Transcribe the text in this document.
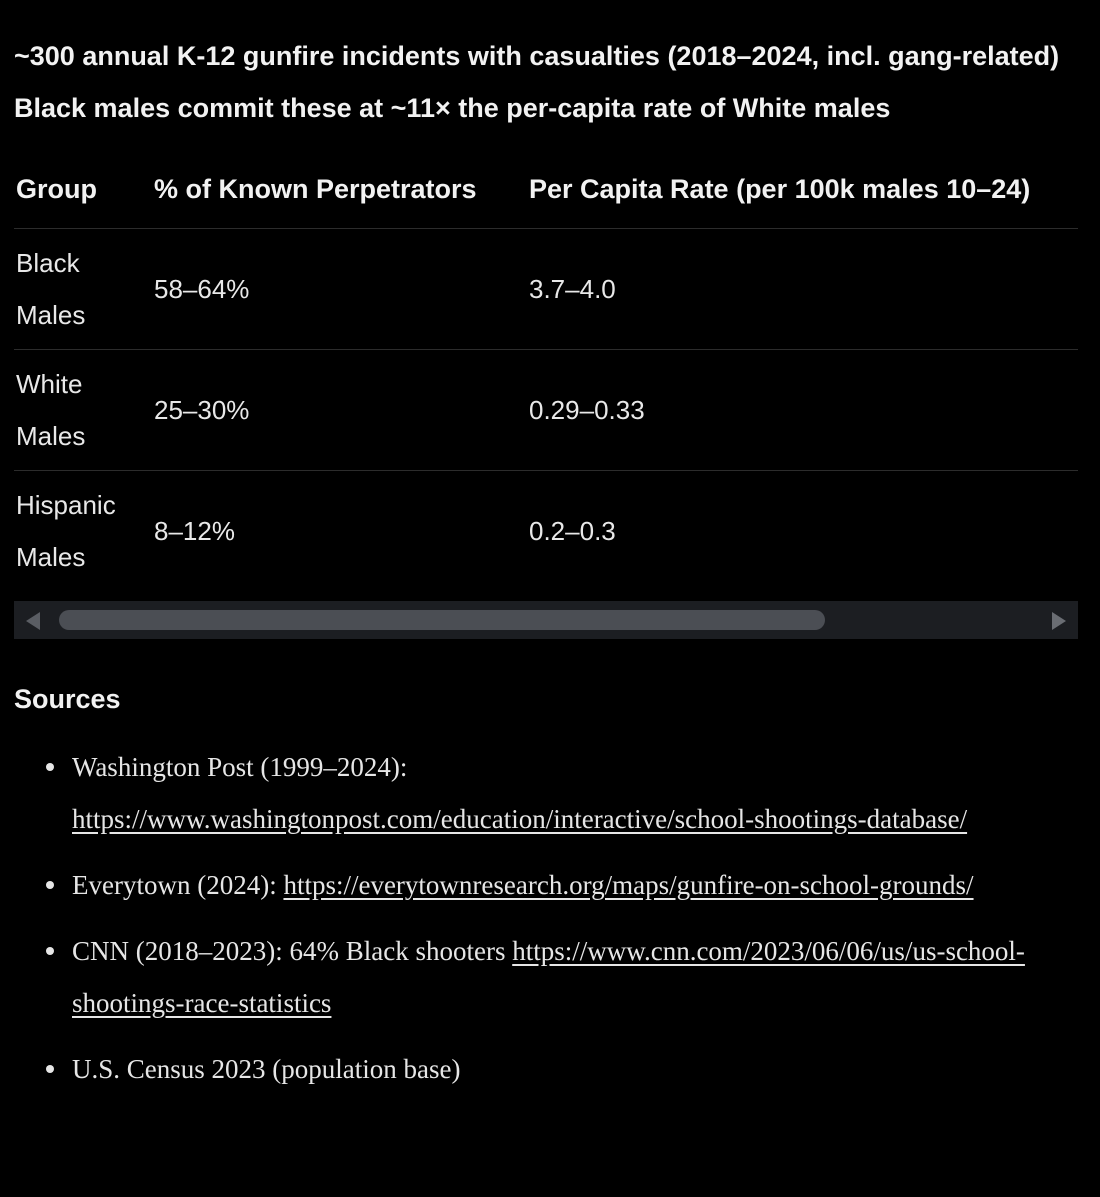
~300 annual K-12 gunfire incidents with casualties (2018–2024, incl. gang-related)

Black males commit these at ~11× the per-capita rate of White males

Group	% of Known Perpetrators	Per Capita Rate (per 100k males 10–24)
Black Males	58–64%	3.7–4.0
White Males	25–30%	0.29–0.33
Hispanic Males	8–12%	0.2–0.3
Sources
Washington Post (1999–2024): https://www.washingtonpost.com/education/interactive/school-shootings-database/
Everytown (2024): https://everytownresearch.org/maps/gunfire-on-school-grounds/
CNN (2018–2023): 64% Black shooters https://www.cnn.com/2023/06/06/us/us-school-shootings-race-statistics
U.S. Census 2023 (population base)
